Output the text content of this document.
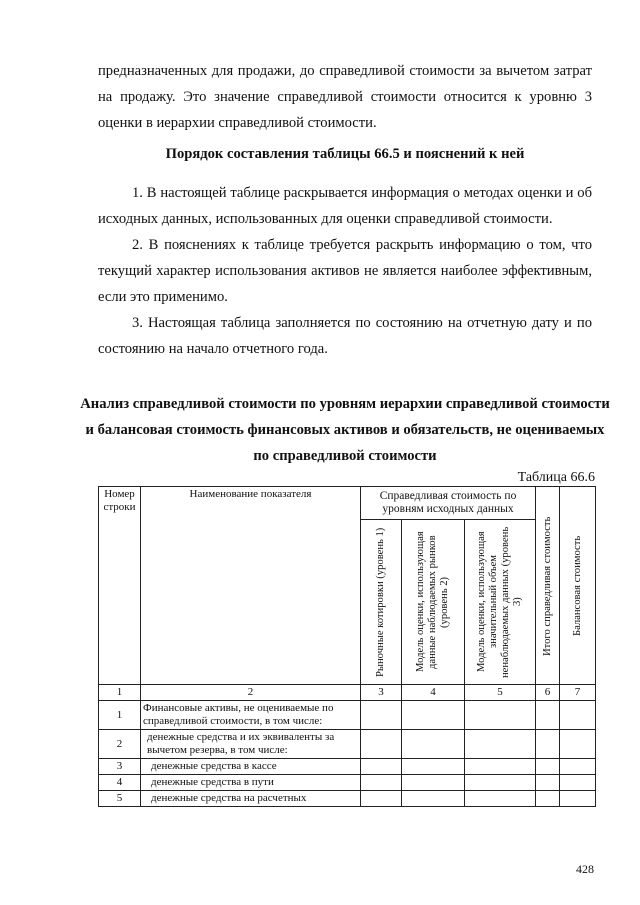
предназначенных для продажи, до справедливой стоимости за вычетом затрат на продажу. Это значение справедливой стоимости относится к уровню 3 оценки в иерархии справедливой стоимости.

Порядок составления таблицы 66.5 и пояснений к ней

1. В настоящей таблице раскрывается информация о методах оценки и об исходных данных, использованных для оценки справедливой стоимости.

2. В пояснениях к таблице требуется раскрыть информацию о том, что текущий характер использования активов не является наиболее эффективным, если это применимо.

3. Настоящая таблица заполняется по состоянию на отчетную дату и по состоянию на начало отчетного года.

Анализ справедливой стоимости по уровням иерархии справедливой стоимости и балансовая стоимость финансовых активов и обязательств, не оцениваемых по справедливой стоимости

Таблица 66.6
Номер строки	Наименование показателя	Справедливая стоимость по уровням исходных данных			Итого справедливая стоимость	Балансовая стоимость

		Рыночные котировки (уровень 1)	Модель оценки, использующая данные наблюдаемых рынков (уровень 2)	Модель оценки, использующая значительный объем ненаблюдаемых данных (уровень 3)		

1	2	3	4	5	6	7
1	Финансовые активы, не оцениваемые по справедливой стоимости, в том числе:					
2	денежные средства и их эквиваленты за вычетом резерва, в том числе:					
3	денежные средства в кассе					
4	денежные средства в пути					
5	денежные средства на расчетных					
428
